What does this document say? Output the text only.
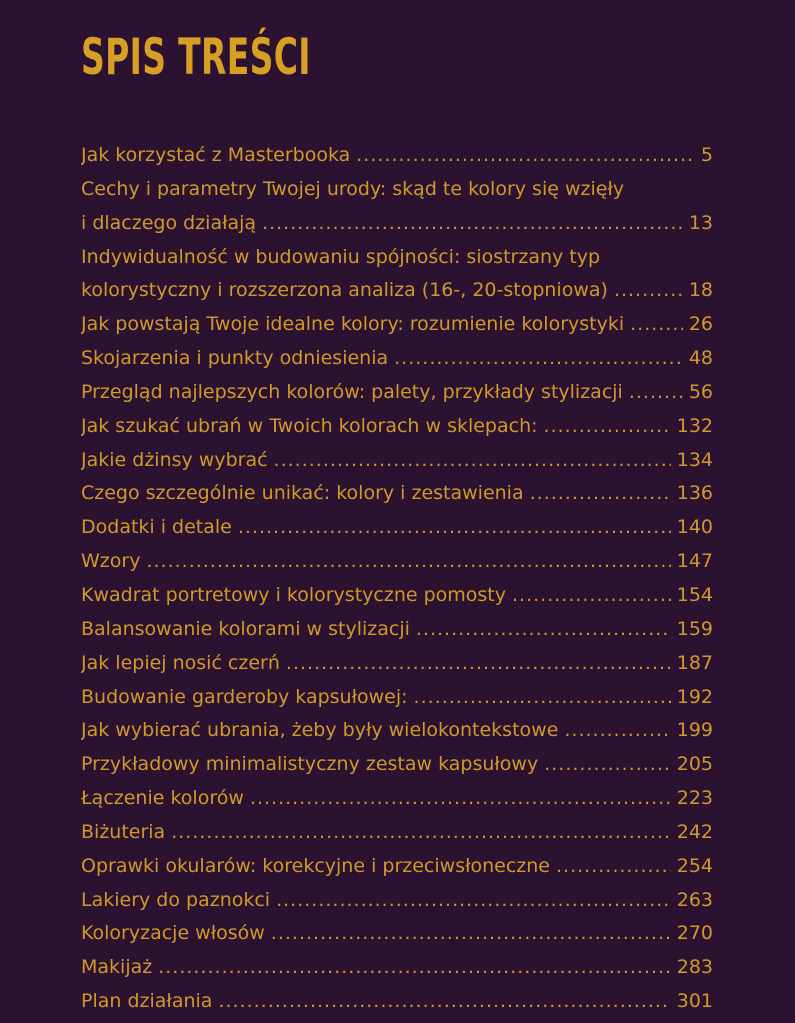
SPIS TREŚCI
Jak korzystać z Masterbooka .....	5
Cechy i parametry Twojej urody: skąd te kolory się wzięły
i dlaczego działają .....	13
Indywidualność w budowaniu spójności: siostrzany typ
kolorystyczny i rozszerzona analiza (16-, 20-stopniowa) .....	18
Jak powstają Twoje idealne kolory: rozumienie kolorystyki .....	26
Skojarzenia i punkty odniesienia .....	48
Przegląd najlepszych kolorów: palety, przykłady stylizacji .....	56
Jak szukać ubrań w Twoich kolorach w sklepach: .....	132
Jakie dżinsy wybrać .....	134
Czego szczególnie unikać: kolory i zestawienia .....	136
Dodatki i detale .....	140
Wzory .....	147
Kwadrat portretowy i kolorystyczne pomosty .....	154
Balansowanie kolorami w stylizacji .....	159
Jak lepiej nosić czerń .....	187
Budowanie garderoby kapsułowej: .....	192
Jak wybierać ubrania, żeby były wielokontekstowe .....	199
Przykładowy minimalistyczny zestaw kapsułowy .....	205
Łączenie kolorów .....	223
Biżuteria .....	242
Oprawki okularów: korekcyjne i przeciwsłoneczne .....	254
Lakiery do paznokci .....	263
Koloryzacje włosów .....	270
Makijaż .....	283
Plan działania .....	301
